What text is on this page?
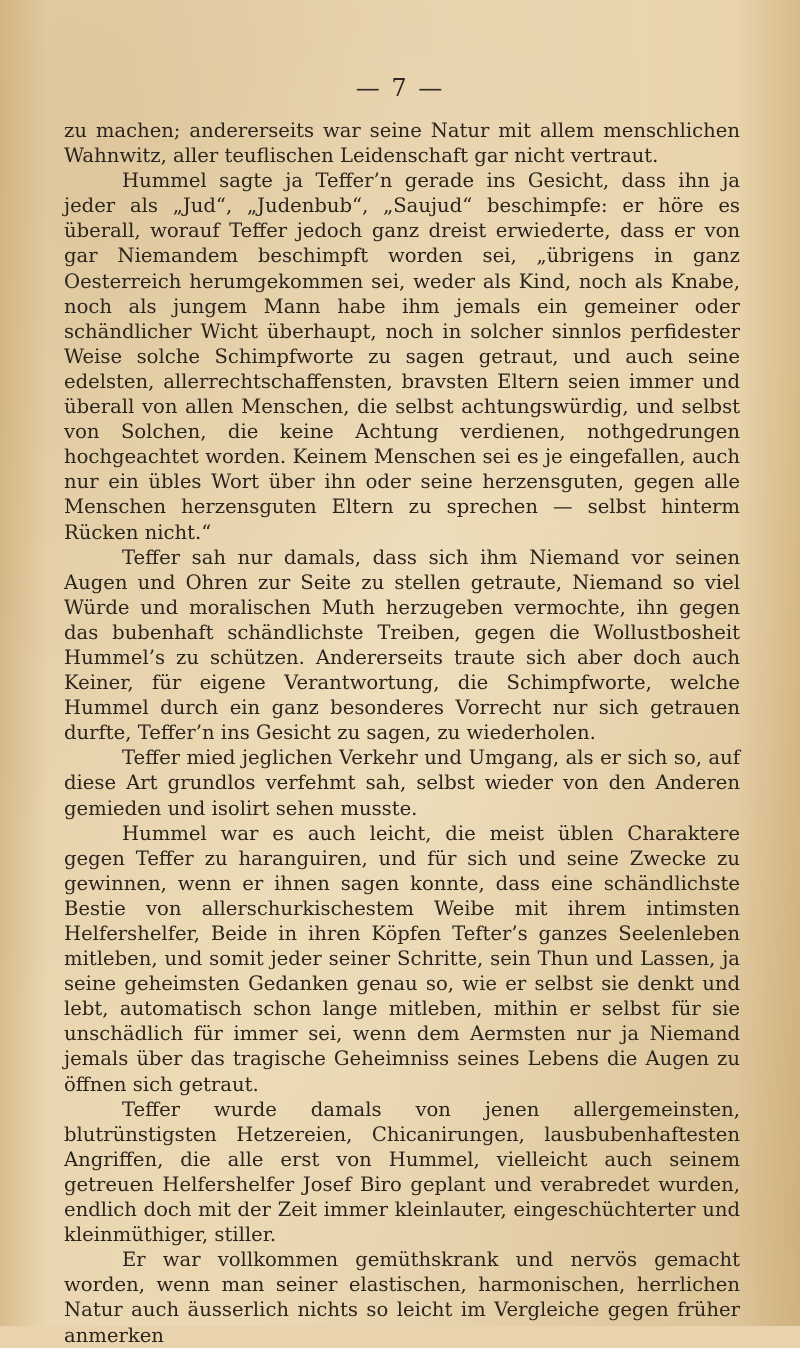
— 7 —

zu machen; andererseits war seine Natur mit allem menschlichen Wahnwitz, aller teuflischen Leidenschaft gar nicht vertraut.

Hummel sagte ja Teffer’n gerade ins Gesicht, dass ihn ja jeder als „Jud“, „Judenbub“, „Saujud“ beschimpfe: er höre es überall, worauf Teffer jedoch ganz dreist erwiederte, dass er von gar Niemandem beschimpft worden sei, „übrigens in ganz Oesterreich herumgekommen sei, weder als Kind, noch als Knabe, noch als jungem Mann habe ihm jemals ein gemeiner oder schändlicher Wicht überhaupt, noch in solcher sinnlos perfidester Weise solche Schimpfworte zu sagen getraut, und auch seine edelsten, allerrechtschaffensten, bravsten Eltern seien immer und überall von allen Menschen, die selbst achtungswürdig, und selbst von Solchen, die keine Achtung verdienen, nothgedrungen hochgeachtet worden. Keinem Menschen sei es je eingefallen, auch nur ein übles Wort über ihn oder seine herzensguten, gegen alle Menschen herzensguten Eltern zu sprechen — selbst hinterm Rücken nicht.“

Teffer sah nur damals, dass sich ihm Niemand vor seinen Augen und Ohren zur Seite zu stellen getraute, Niemand so viel Würde und moralischen Muth herzugeben vermochte, ihn gegen das bubenhaft schändlichste Treiben, gegen die Wollustbosheit Hummel’s zu schützen. Andererseits traute sich aber doch auch Keiner, für eigene Verantwortung, die Schimpfworte, welche Hummel durch ein ganz besonderes Vorrecht nur sich getrauen durfte, Teffer’n ins Gesicht zu sagen, zu wiederholen.

Teffer mied jeglichen Verkehr und Umgang, als er sich so, auf diese Art grundlos verfehmt sah, selbst wieder von den Anderen gemieden und isolirt sehen musste.

Hummel war es auch leicht, die meist üblen Charaktere gegen Teffer zu haranguiren, und für sich und seine Zwecke zu gewinnen, wenn er ihnen sagen konnte, dass eine schändlichste Bestie von allerschurkischestem Weibe mit ihrem intimsten Helfershelfer, Beide in ihren Köpfen Tefter’s ganzes Seelenleben mitleben, und somit jeder seiner Schritte, sein Thun und Lassen, ja seine geheimsten Gedanken genau so, wie er selbst sie denkt und lebt, automatisch schon lange mitleben, mithin er selbst für sie unschädlich für immer sei, wenn dem Aermsten nur ja Niemand jemals über das tragische Geheimniss seines Lebens die Augen zu öffnen sich getraut.

Teffer wurde damals von jenen allergemeinsten, blutrünstigsten Hetzereien, Chicanirungen, lausbubenhaftesten Angriffen, die alle erst von Hummel, vielleicht auch seinem getreuen Helfershelfer Josef Biro geplant und verabredet wurden, endlich doch mit der Zeit immer kleinlauter, eingeschüchterter und kleinmüthiger, stiller.

Er war vollkommen gemüthskrank und nervös gemacht worden, wenn man seiner elastischen, harmonischen, herrlichen Natur auch äusserlich nichts so leicht im Vergleiche gegen früher anmerken
